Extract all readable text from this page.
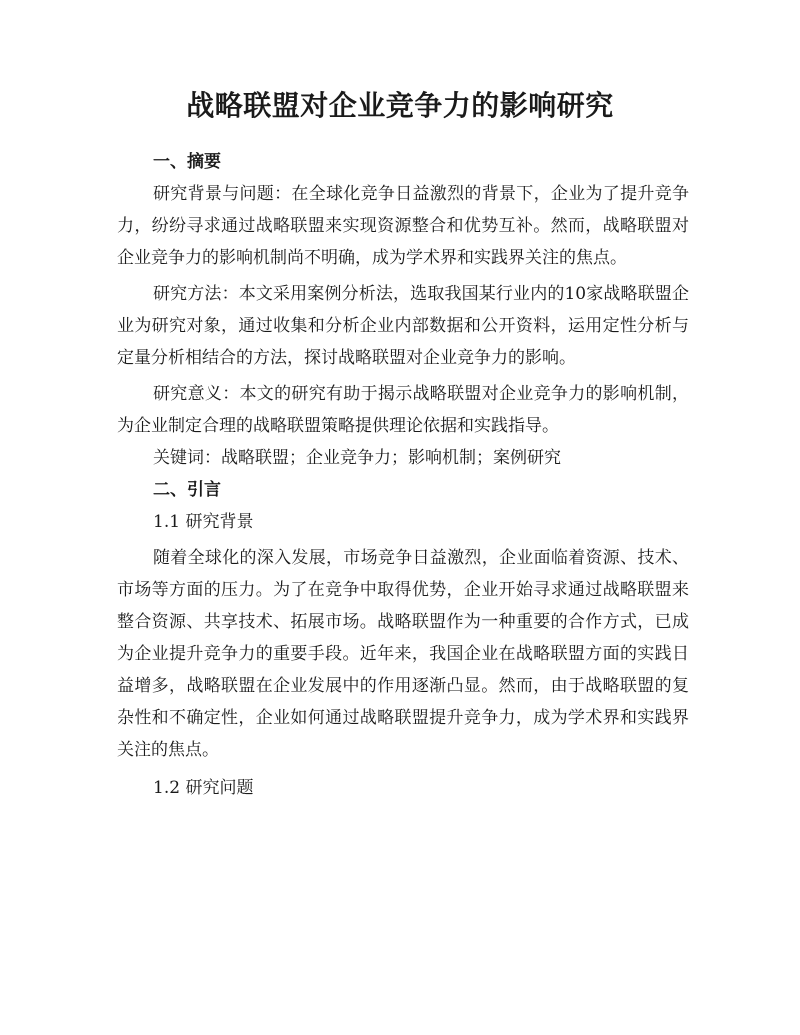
战略联盟对企业竞争力的影响研究
一、摘要

研究背景与问题：在全球化竞争日益激烈的背景下，企业为了提升竞争力，纷纷寻求通过战略联盟来实现资源整合和优势互补。然而，战略联盟对企业竞争力的影响机制尚不明确，成为学术界和实践界关注的焦点。

研究方法：本文采用案例分析法，选取我国某行业内的10家战略联盟企业为研究对象，通过收集和分析企业内部数据和公开资料，运用定性分析与定量分析相结合的方法，探讨战略联盟对企业竞争力的影响。

研究意义：本文的研究有助于揭示战略联盟对企业竞争力的影响机制，为企业制定合理的战略联盟策略提供理论依据和实践指导。

关键词：战略联盟；企业竞争力；影响机制；案例研究

二、引言
1.1 研究背景

随着全球化的深入发展，市场竞争日益激烈，企业面临着资源、技术、市场等方面的压力。为了在竞争中取得优势，企业开始寻求通过战略联盟来整合资源、共享技术、拓展市场。战略联盟作为一种重要的合作方式，已成为企业提升竞争力的重要手段。近年来，我国企业在战略联盟方面的实践日益增多，战略联盟在企业发展中的作用逐渐凸显。然而，由于战略联盟的复杂性和不确定性，企业如何通过战略联盟提升竞争力，成为学术界和实践界关注的焦点。

1.2 研究问题
